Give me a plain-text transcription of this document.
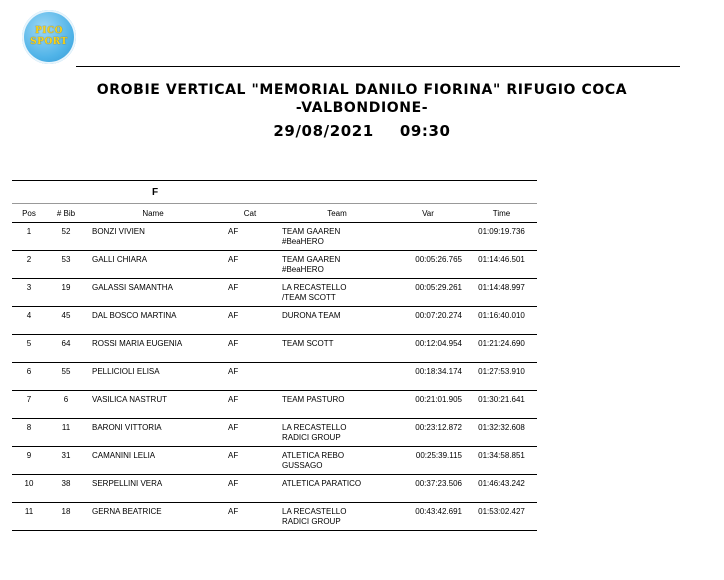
PICO
SPORT
OROBIE VERTICAL "MEMORIAL DANILO FIORINA" RIFUGIO COCA
-VALBONDIONE-
29/08/2021 09:30
		F				
Pos	# Bib	Name	Cat	Team	Var	Time
1	52	BONZI VIVIEN	AF	TEAM GAAREN
#BeaHERO		01:09:19.736
2	53	GALLI CHIARA	AF	TEAM GAAREN
#BeaHERO	00:05:26.765	01:14:46.501
3	19	GALASSI SAMANTHA	AF	LA RECASTELLO
/TEAM SCOTT	00:05:29.261	01:14:48.997
4	45	DAL BOSCO MARTINA	AF	DURONA TEAM	00:07:20.274	01:16:40.010
5	64	ROSSI MARIA EUGENIA	AF	TEAM SCOTT	00:12:04.954	01:21:24.690
6	55	PELLICIOLI ELISA	AF		00:18:34.174	01:27:53.910
7	6	VASILICA NASTRUT	AF	TEAM PASTURO	00:21:01.905	01:30:21.641
8	11	BARONI VITTORIA	AF	LA RECASTELLO
RADICI GROUP	00:23:12.872	01:32:32.608
9	31	CAMANINI LELIA	AF	ATLETICA REBO
GUSSAGO	00:25:39.115	01:34:58.851
10	38	SERPELLINI VERA	AF	ATLETICA PARATICO	00:37:23.506	01:46:43.242
11	18	GERNA BEATRICE	AF	LA RECASTELLO
RADICI GROUP	00:43:42.691	01:53:02.427
